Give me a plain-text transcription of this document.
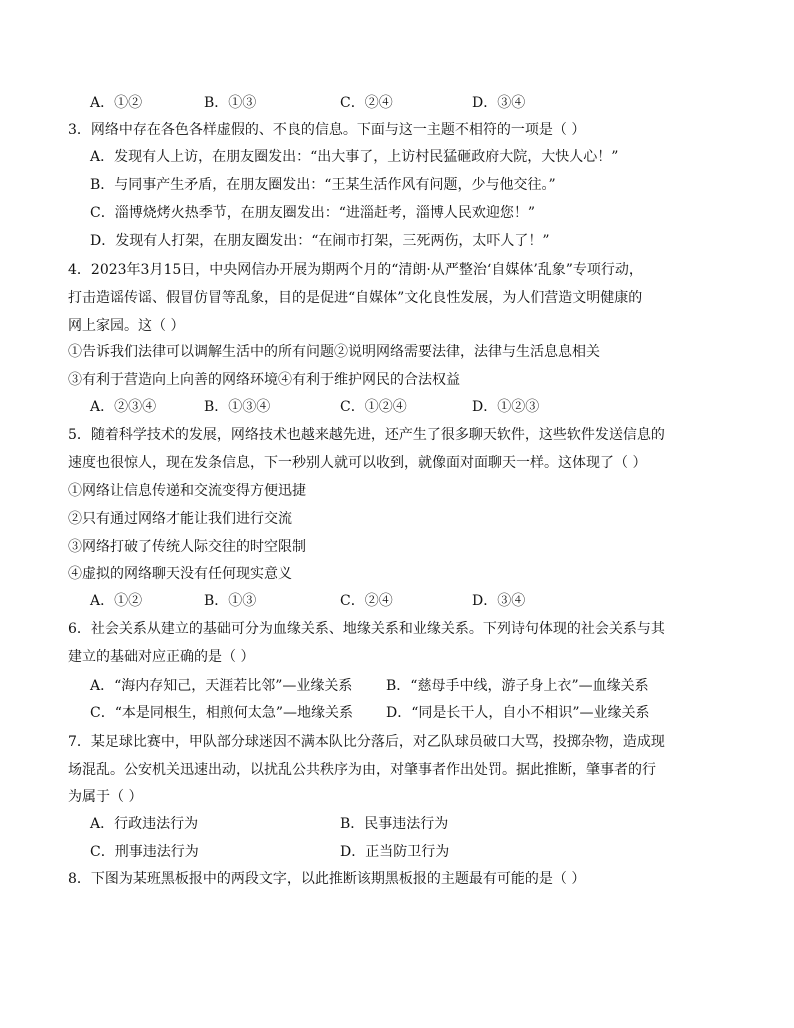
A．①②	B．①③	C．②④	D．③④
3．网络中存在各色各样虚假的、不良的信息。下面与这一主题不相符的一项是（ ）
A．发现有人上访，在朋友圈发出：“出大事了，上访村民猛砸政府大院，大快人心！”
B．与同事产生矛盾，在朋友圈发出：“王某生活作风有问题，少与他交往。”
C．淄博烧烤火热季节，在朋友圈发出：“进淄赶考，淄博人民欢迎您！”
D．发现有人打架，在朋友圈发出：“在闹市打架，三死两伤，太吓人了！”
4．2023年3月15日，中央网信办开展为期两个月的“清朗·从严整治‘自媒体’乱象”专项行动，
打击造谣传谣、假冒仿冒等乱象，目的是促进“自媒体”文化良性发展，为人们营造文明健康的
网上家园。这（ ）
①告诉我们法律可以调解生活中的所有问题②说明网络需要法律，法律与生活息息相关
③有利于营造向上向善的网络环境④有利于维护网民的合法权益
A．②③④	B．①③④	C．①②④	D．①②③
5．随着科学技术的发展，网络技术也越来越先进，还产生了很多聊天软件，这些软件发送信息的
速度也很惊人，现在发条信息，下一秒别人就可以收到，就像面对面聊天一样。这体现了（ ）
①网络让信息传递和交流变得方便迅捷
②只有通过网络才能让我们进行交流
③网络打破了传统人际交往的时空限制
④虚拟的网络聊天没有任何现实意义
A．①②	B．①③	C．②④	D．③④
6．社会关系从建立的基础可分为血缘关系、地缘关系和业缘关系。下列诗句体现的社会关系与其
建立的基础对应正确的是（ ）
A．“海内存知己，天涯若比邻”—业缘关系 B．“慈母手中线，游子身上衣”—血缘关系
C．“本是同根生，相煎何太急”—地缘关系 D．“同是长干人，自小不相识”—业缘关系
7．某足球比赛中，甲队部分球迷因不满本队比分落后，对乙队球员破口大骂，投掷杂物，造成现
场混乱。公安机关迅速出动，以扰乱公共秩序为由，对肇事者作出处罚。据此推断，肇事者的行
为属于（ ）
A．行政违法行为	B．民事违法行为
C．刑事违法行为	D．正当防卫行为
8．下图为某班黑板报中的两段文字，以此推断该期黑板报的主题最有可能的是（ ）
